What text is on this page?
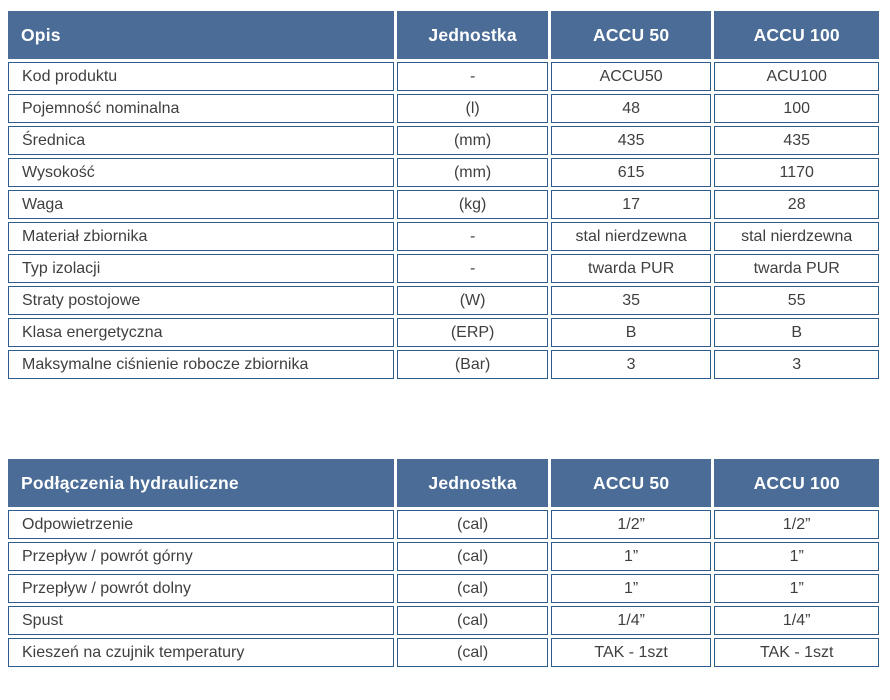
Opis	Jednostka	ACCU 50	ACCU 100
Kod produktu	-	ACCU50	ACU100
Pojemność nominalna	(l)	48	100
Średnica	(mm)	435	435
Wysokość	(mm)	615	1170
Waga	(kg)	17	28
Materiał zbiornika	-	stal nierdzewna	stal nierdzewna
Typ izolacji	-	twarda PUR	twarda PUR
Straty postojowe	(W)	35	55
Klasa energetyczna	(ERP)	B	B
Maksymalne ciśnienie robocze zbiornika	(Bar)	3	3
Podłączenia hydrauliczne	Jednostka	ACCU 50	ACCU 100
Odpowietrzenie	(cal)	1/2”	1/2”
Przepływ / powrót górny	(cal)	1”	1”
Przepływ / powrót dolny	(cal)	1”	1”
Spust	(cal)	1/4”	1/4”
Kieszeń na czujnik temperatury	(cal)	TAK - 1szt	TAK - 1szt
